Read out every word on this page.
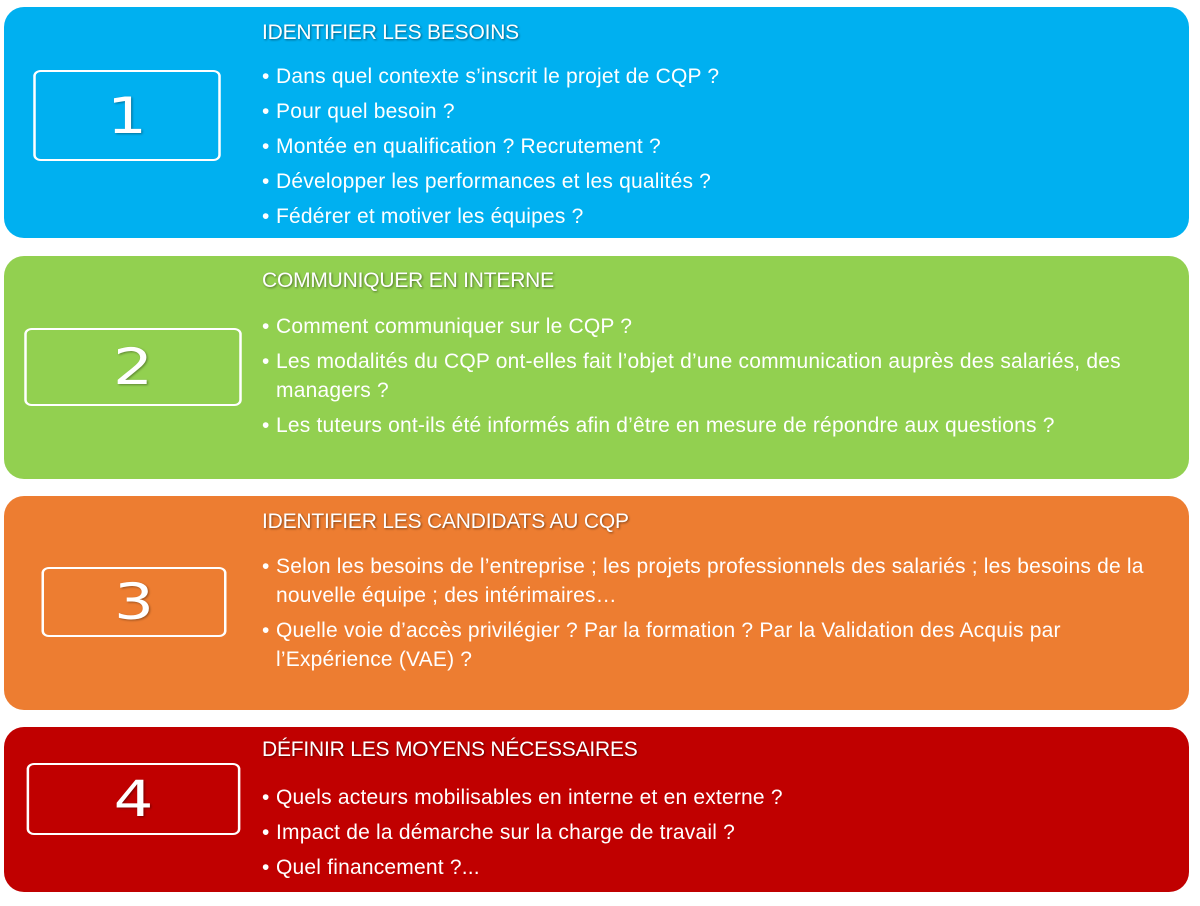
1
IDENTIFIER LES BESOINS
• Dans quel contexte s’inscrit le projet de CQP ?
• Pour quel besoin ?
• Montée en qualification ? Recrutement ?
• Développer les performances et les qualités ?
• Fédérer et motiver les équipes ?
2
COMMUNIQUER EN INTERNE
• Comment communiquer sur le CQP ?
• Les modalités du CQP ont-elles fait l’objet d’une communication auprès des salariés, des managers ?
• Les tuteurs ont-ils été informés afin d’être en mesure de répondre aux questions ?
3
IDENTIFIER LES CANDIDATS AU CQP
• Selon les besoins de l’entreprise ; les projets professionnels des salariés ; les besoins de la nouvelle équipe ; des intérimaires…
• Quelle voie d’accès privilégier ? Par la formation ? Par la Validation des Acquis par l’Expérience (VAE) ?
4
DÉFINIR LES MOYENS NÉCESSAIRES
• Quels acteurs mobilisables en interne et en externe ?
• Impact de la démarche sur la charge de travail ?
• Quel financement ?...
